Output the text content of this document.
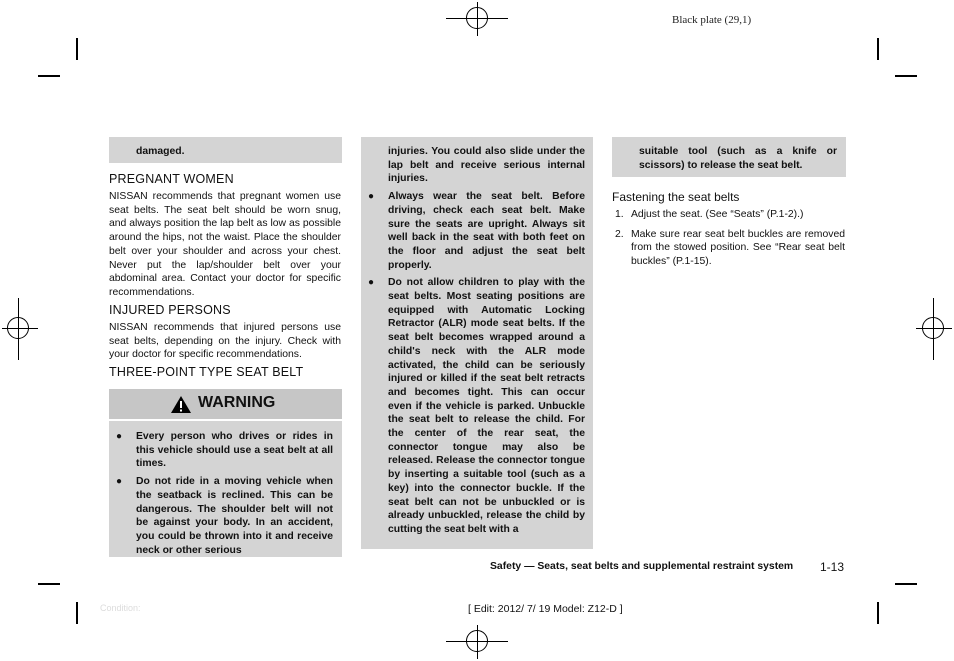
Black plate (29,1)
damaged.
PREGNANT WOMEN
NISSAN recommends that pregnant women use seat belts. The seat belt should be worn snug, and always position the lap belt as low as possible around the hips, not the waist. Place the shoulder belt over your shoulder and across your chest. Never put the lap/shoulder belt over your abdominal area. Contact your doctor for specific recommendations.
INJURED PERSONS
NISSAN recommends that injured persons use seat belts, depending on the injury. Check with your doctor for specific recommendations.
THREE-POINT TYPE SEAT BELT
WARNING
● Every person who drives or rides in this vehicle should use a seat belt at all times.
● Do not ride in a moving vehicle when the seatback is reclined. This can be dangerous. The shoulder belt will not be against your body. In an accident, you could be thrown into it and receive neck or other serious
injuries. You could also slide under the lap belt and receive serious internal injuries.
● Always wear the seat belt. Before driving, check each seat belt. Make sure the seats are upright. Always sit well back in the seat with both feet on the floor and adjust the seat belt properly.
● Do not allow children to play with the seat belts. Most seating positions are equipped with Automatic Locking Retractor (ALR) mode seat belts. If the seat belt becomes wrapped around a child's neck with the ALR mode activated, the child can be seriously injured or killed if the seat belt retracts and becomes tight. This can occur even if the vehicle is parked. Unbuckle the seat belt to release the child. For the center of the rear seat, the connector tongue may also be released. Release the connector tongue by inserting a suitable tool (such as a key) into the connector buckle. If the seat belt can not be unbuckled or is already unbuckled, release the child by cutting the seat belt with a
suitable tool (such as a knife or scissors) to release the seat belt.
Fastening the seat belts
1. Adjust the seat. (See “Seats” (P.1-2).)
2. Make sure rear seat belt buckles are removed from the stowed position. See “Rear seat belt buckles” (P.1-15).
Safety — Seats, seat belts and supplemental restraint system 1-13
Condition:	[ Edit: 2012/ 7/ 19 Model: Z12-D ]
